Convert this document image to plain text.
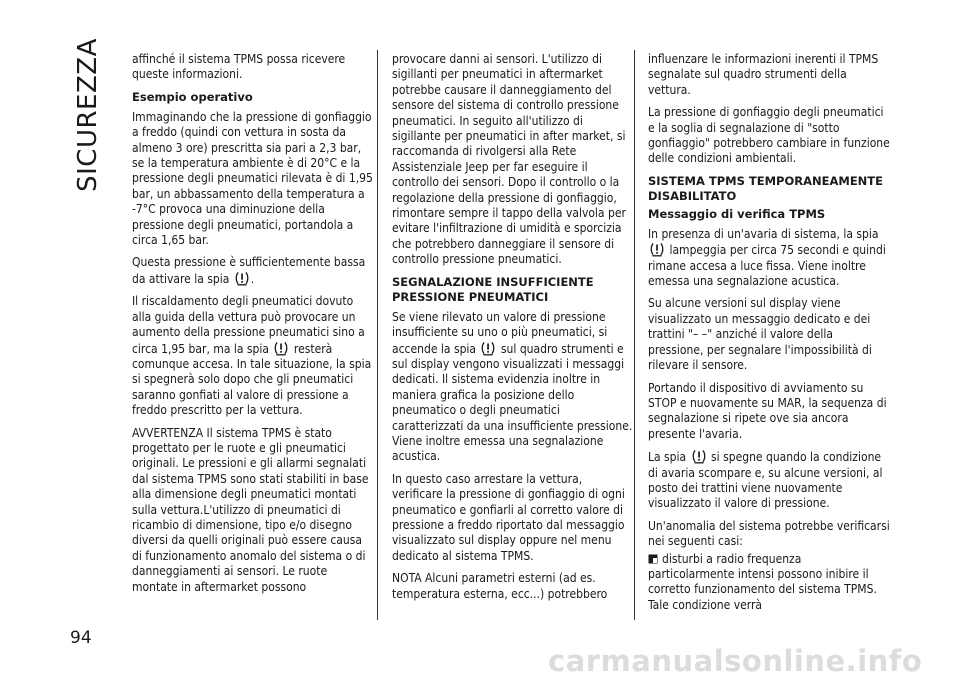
SICUREZZA
94

affinché il sistema TPMS possa ricevere queste informazioni.

Esempio operativo

Immaginando che la pressione di gonfiaggio a freddo (quindi con vettura in sosta da almeno 3 ore) prescritta sia pari a 2,3 bar, se la temperatura ambiente è di 20°C e la pressione degli pneumatici rilevata è di 1,95 bar, un abbassamento della temperatura a -7°C provoca una diminuzione della pressione degli pneumatici, portandola a circa 1,65 bar.

Questa pressione è sufficientemente bassa da attivare la spia .

Il riscaldamento degli pneumatici dovuto alla guida della vettura può provocare un aumento della pressione pneumatici sino a circa 1,95 bar, ma la spia resterà comunque accesa. In tale situazione, la spia si spegnerà solo dopo che gli pneumatici saranno gonfiati al valore di pressione a freddo prescritto per la vettura.

AVVERTENZA Il sistema TPMS è stato progettato per le ruote e gli pneumatici originali. Le pressioni e gli allarmi segnalati dal sistema TPMS sono stati stabiliti in base alla dimensione degli pneumatici montati sulla vettura.L'utilizzo di pneumatici di ricambio di dimensione, tipo e/o disegno diversi da quelli originali può essere causa di funzionamento anomalo del sistema o di danneggiamenti ai sensori. Le ruote montate in aftermarket possono

provocare danni ai sensori. L'utilizzo di sigillanti per pneumatici in aftermarket potrebbe causare il danneggiamento del sensore del sistema di controllo pressione pneumatici. In seguito all'utilizzo di sigillante per pneumatici in after market, si raccomanda di rivolgersi alla Rete Assistenziale Jeep per far eseguire il controllo dei sensori. Dopo il controllo o la regolazione della pressione di gonfiaggio, rimontare sempre il tappo della valvola per evitare l'infiltrazione di umidità e sporcizia che potrebbero danneggiare il sensore di controllo pressione pneumatici.

SEGNALAZIONE INSUFFICIENTE PRESSIONE PNEUMATICI

Se viene rilevato un valore di pressione insufficiente su uno o più pneumatici, si accende la spia sul quadro strumenti e sul display vengono visualizzati i messaggi dedicati. Il sistema evidenzia inoltre in maniera grafica la posizione dello pneumatico o degli pneumatici caratterizzati da una insufficiente pressione. Viene inoltre emessa una segnalazione acustica.

In questo caso arrestare la vettura, verificare la pressione di gonfiaggio di ogni pneumatico e gonfiarli al corretto valore di pressione a freddo riportato dal messaggio visualizzato sul display oppure nel menu dedicato al sistema TPMS.

NOTA Alcuni parametri esterni (ad es. temperatura esterna, ecc...) potrebbero

influenzare le informazioni inerenti il TPMS segnalate sul quadro strumenti della vettura.

La pressione di gonfiaggio degli pneumatici e la soglia di segnalazione di "sotto gonfiaggio" potrebbero cambiare in funzione delle condizioni ambientali.

SISTEMA TPMS TEMPORANEAMENTE DISABILITATO
Messaggio di verifica TPMS

In presenza di un'avaria di sistema, la spia  lampeggia per circa 75 secondi e quindi rimane accesa a luce fissa. Viene inoltre emessa una segnalazione acustica.

Su alcune versioni sul display viene visualizzato un messaggio dedicato e dei trattini "– –" anziché il valore della pressione, per segnalare l'impossibilità di rilevare il sensore.

Portando il dispositivo di avviamento su STOP e nuovamente su MAR, la sequenza di segnalazione si ripete ove sia ancora presente l'avaria.

La spia si spegne quando la condizione di avaria scompare e, su alcune versioni, al posto dei trattini viene nuovamente visualizzato il valore di pressione.

Un'anomalia del sistema potrebbe verificarsi nei seguenti casi:

disturbi a radio frequenza particolarmente intensi possono inibire il corretto funzionamento del sistema TPMS. Tale condizione verrà

carmanualsonline.info
